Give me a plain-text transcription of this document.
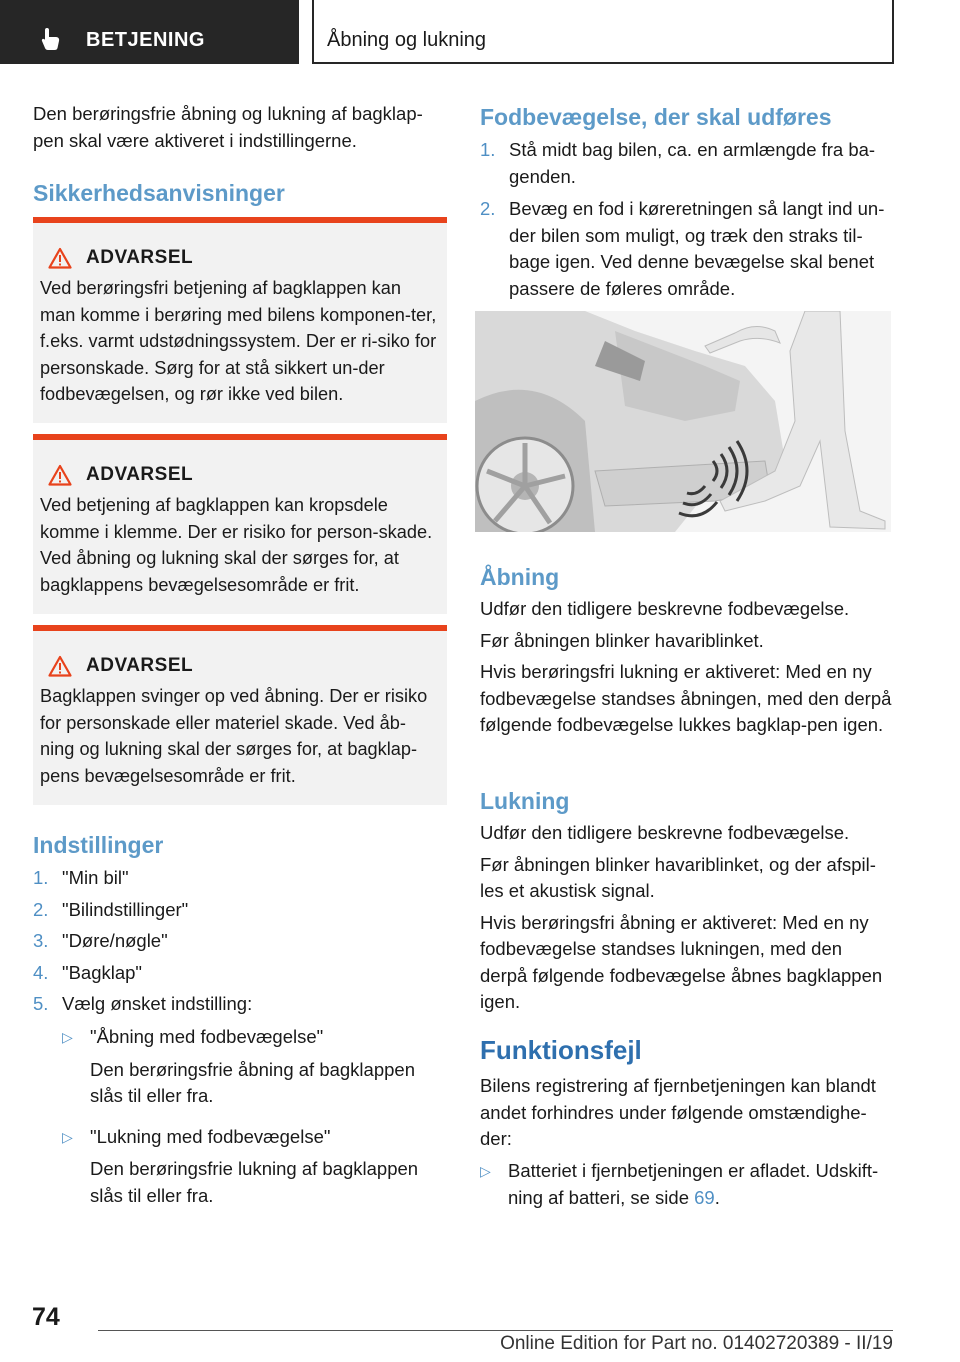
BETJENING	Åbning og lukning

Den berøringsfrie åbning og lukning af bagklap-pen skal være aktiveret i indstillingerne.

Sikkerhedsanvisninger
ADVARSEL

Ved berøringsfri betjening af bagklappen kan man komme i berøring med bilens komponen-ter, f.eks. varmt udstødningssystem. Der er ri-siko for personskade. Sørg for at stå sikkert un-der fodbevægelsen, og rør ikke ved bilen.

ADVARSEL

Ved betjening af bagklappen kan kropsdele komme i klemme. Der er risiko for person-skade. Ved åbning og lukning skal der sørges for, at bagklappens bevægelsesområde er frit.

ADVARSEL

Bagklappen svinger op ved åbning. Der er risiko for personskade eller materiel skade. Ved åb-ning og lukning skal der sørges for, at bagklap-pens bevægelsesområde er frit.

Indstillinger
1. "Min bil"
2. "Bilindstillinger"
3. "Døre/nøgle"
4. "Bagklap"
5. Vælg ønsket indstilling:
▷ "Åbning med fodbevægelse"
Den berøringsfrie åbning af bagklappen slås til eller fra.
▷ "Lukning med fodbevægelse"
Den berøringsfrie lukning af bagklappen slås til eller fra.
Fodbevægelse, der skal udføres
1. Stå midt bag bilen, ca. en armlængde fra ba-genden.
2. Bevæg en fod i køreretningen så langt ind un-der bilen som muligt, og træk den straks til-bage igen. Ved denne bevægelse skal benet passere de føleres område.
Åbning

Udfør den tidligere beskrevne fodbevægelse.

Før åbningen blinker havariblinket.

Hvis berøringsfri lukning er aktiveret: Med en ny fodbevægelse standses åbningen, med den derpå følgende fodbevægelse lukkes bagklap-pen igen.

Lukning

Udfør den tidligere beskrevne fodbevægelse.

Før åbningen blinker havariblinket, og der afspil-les et akustisk signal.

Hvis berøringsfri åbning er aktiveret: Med en ny fodbevægelse standses lukningen, med den derpå følgende fodbevægelse åbnes bagklappen igen.

Funktionsfejl

Bilens registrering af fjernbetjeningen kan blandt andet forhindres under følgende omstændighe-der:

▷ Batteriet i fjernbetjeningen er afladet. Udskift-ning af batteri, se side 69.
74
Online Edition for Part no. 01402720389 - II/19
